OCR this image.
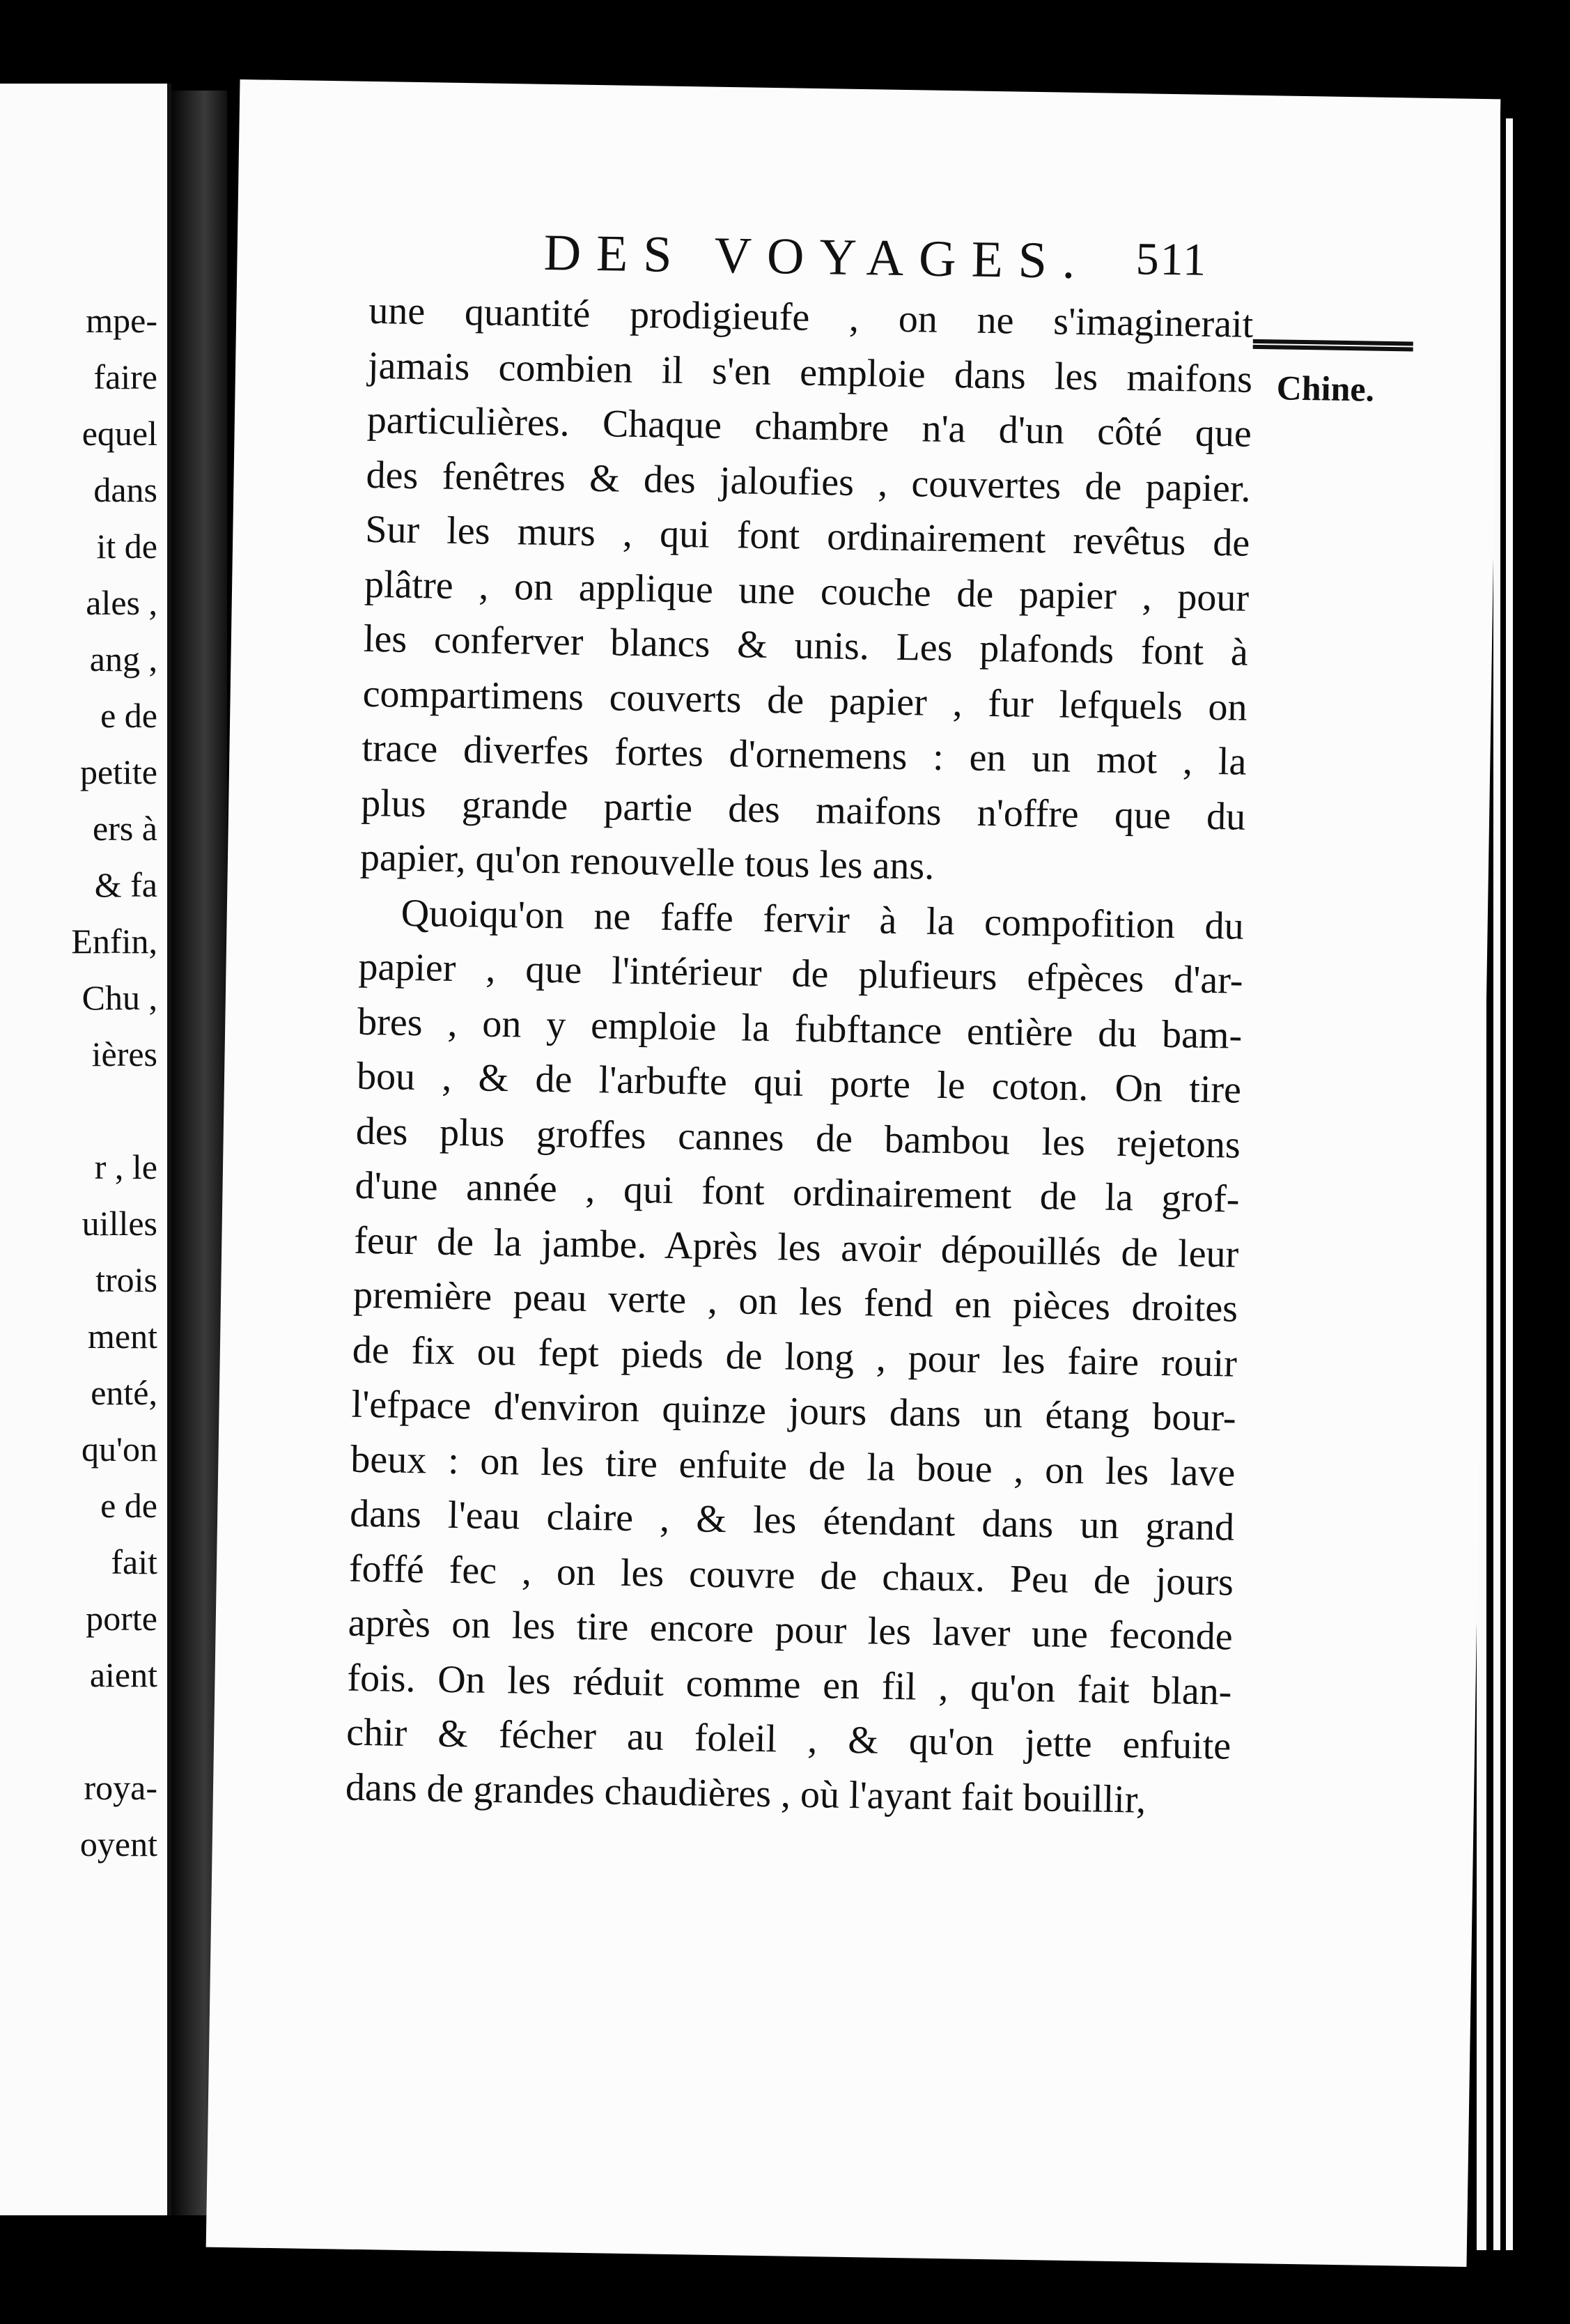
mpe-
faire
equel
dans
it de
ales ,
ang ,
e de
petite
ers à
& fa
Enfin,
Chu ,
ières
r , le
uilles
trois
ment
enté,
qu'on
e de
fait
porte
aient
roya-
oyent
DES VOYAGES. 511
Chine.
une quantité prodigieufe , on ne s'imaginerait
jamais combien il s'en emploie dans les maifons
particulières. Chaque chambre n'a d'un côté que
des fenêtres & des jaloufies , couvertes de papier.
Sur les murs , qui font ordinairement revêtus de
plâtre , on applique une couche de papier , pour
les conferver blancs & unis. Les plafonds font à
compartimens couverts de papier , fur lefquels on
trace diverfes fortes d'ornemens : en un mot , la
plus grande partie des maifons n'offre que du
papier, qu'on renouvelle tous les ans.
Quoiqu'on ne faffe fervir à la compofition du
papier , que l'intérieur de plufieurs efpèces d'ar-
bres , on y emploie la fubftance entière du bam-
bou , & de l'arbufte qui porte le coton. On tire
des plus groffes cannes de bambou les rejetons
d'une année , qui font ordinairement de la grof-
feur de la jambe. Après les avoir dépouillés de leur
première peau verte , on les fend en pièces droites
de fix ou fept pieds de long , pour les faire rouir
l'efpace d'environ quinze jours dans un étang bour-
beux : on les tire enfuite de la boue , on les lave
dans l'eau claire , & les étendant dans un grand
foffé fec , on les couvre de chaux. Peu de jours
après on les tire encore pour les laver une feconde
fois. On les réduit comme en fil , qu'on fait blan-
chir & fécher au foleil , & qu'on jette enfuite
dans de grandes chaudières , où l'ayant fait bouillir,
